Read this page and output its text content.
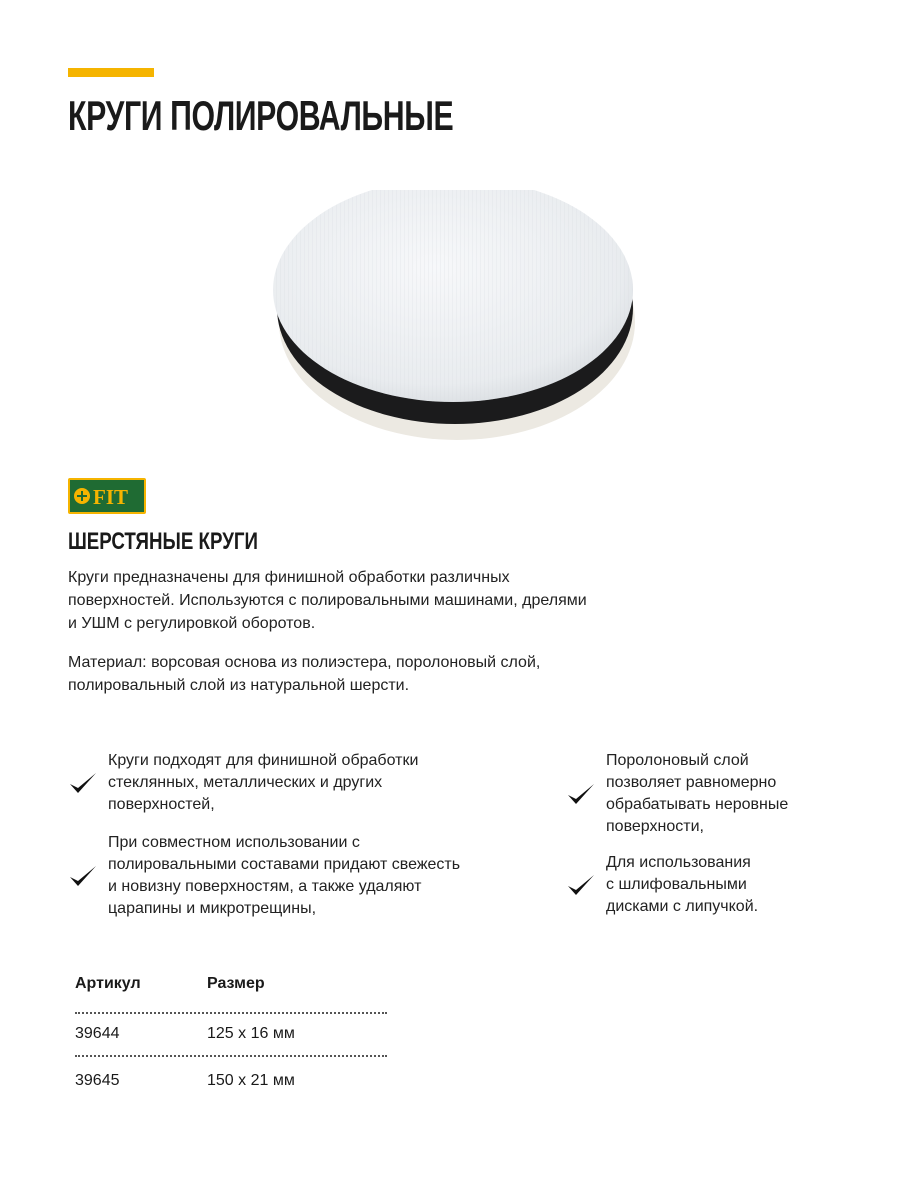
КРУГИ ПОЛИРОВАЛЬНЫЕ
FIT
ШЕРСТЯНЫЕ КРУГИ

Круги предназначены для финишной обработки различных
поверхностей. Используются с полировальными машинами, дрелями
и УШМ с регулировкой оборотов.

Материал: ворсовая основа из полиэстера, поролоновый слой,
полировальный слой из натуральной шерсти.

Круги подходят для финишной обработки
стеклянных, металлических и других
поверхностей,
При совместном использовании с
полировальными составами придают свежесть
и новизну поверхностям, а также удаляют
царапины и микротрещины,
Поролоновый слой
позволяет равномерно
обрабатывать неровные
поверхности,
Для использования
с шлифовальными
дисками с липучкой.
Артикул	Размер
39644	125 х 16 мм
39645	150 х 21 мм
